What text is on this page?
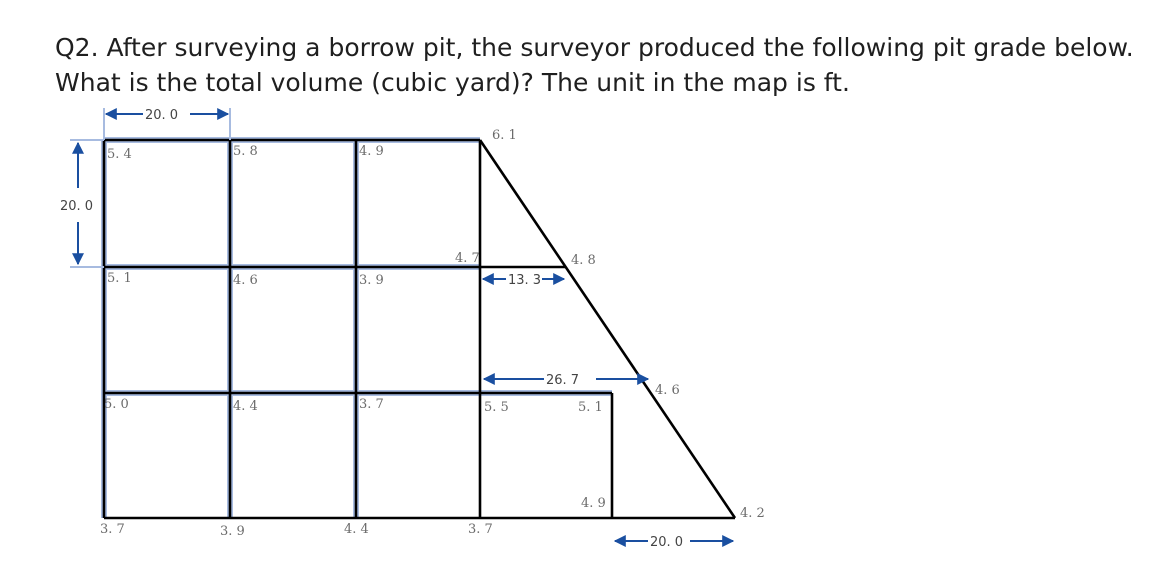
Q2. After surveying a borrow pit, the surveyor produced the following pit grade below.
What is the total volume (cubic yard)? The unit in the map is ft.
20. 0
20. 0
13. 3
26. 7
20. 0
5. 4	5. 8	4. 9
6. 1
5. 1	4. 6	3. 9
4. 7	4. 8
5. 0	4. 4	3. 7	5. 5	5. 1
4. 6
4. 9
4. 2
3. 7	3. 9	4. 4	3. 7
